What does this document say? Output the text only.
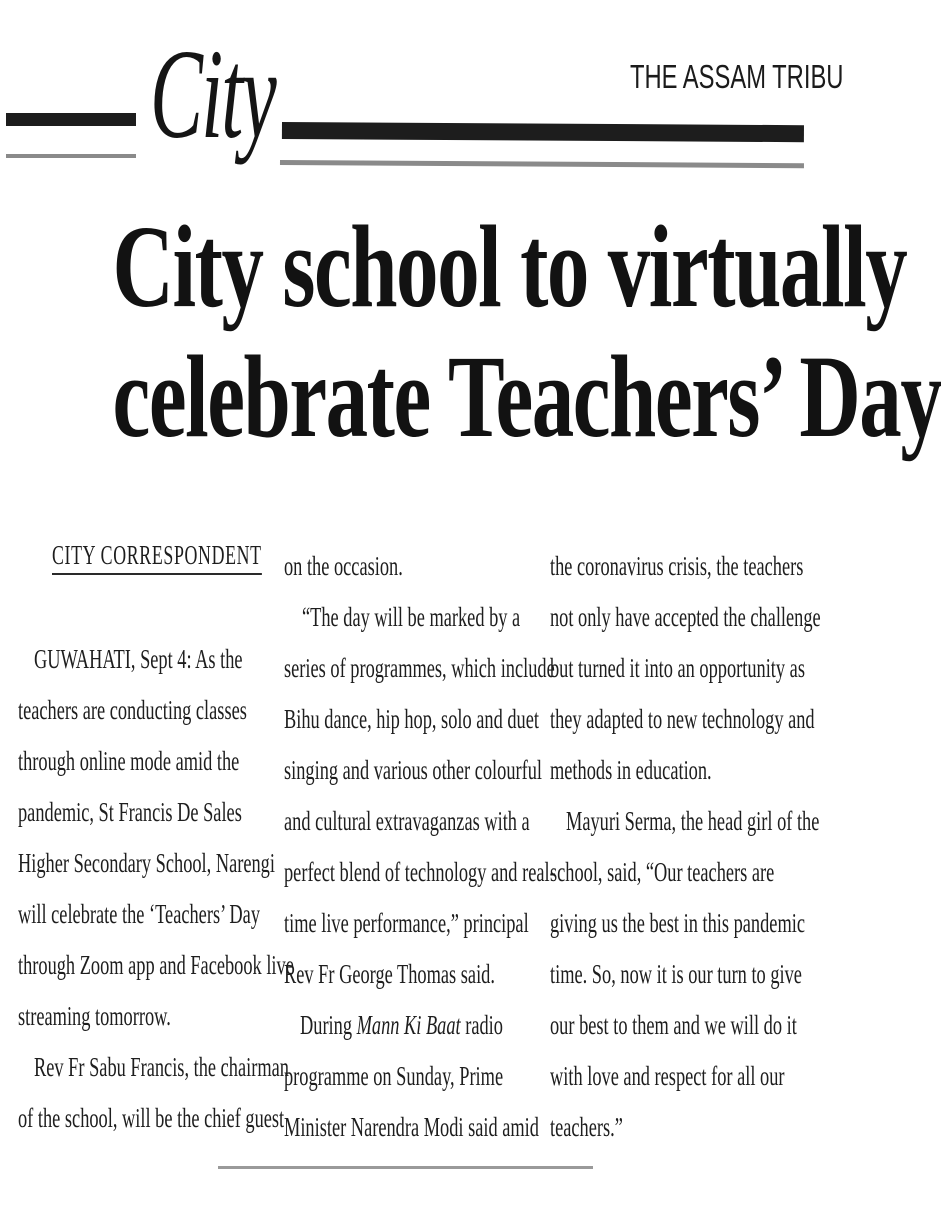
City	THE ASSAM TRIBU
City school to virtually
celebrate Teachers’ Day
CITY CORRESPONDENT
GUWAHATI, Sept 4: As the
teachers are conducting classes
through online mode amid the
pandemic, St Francis De Sales
Higher Secondary School, Narengi
will celebrate the ‘Teachers’ Day
through Zoom app and Facebook live
streaming tomorrow.
Rev Fr Sabu Francis, the chairman
of the school, will be the chief guest
on the occasion.
“The day will be marked by a
series of programmes, which include
Bihu dance, hip hop, solo and duet
singing and various other colourful
and cultural extravaganzas with a
perfect blend of technology and real-
time live performance,” principal
Rev Fr George Thomas said.
During Mann Ki Baat radio
programme on Sunday, Prime
Minister Narendra Modi said amid
the coronavirus crisis, the teachers
not only have accepted the challenge
but turned it into an opportunity as
they adapted to new technology and
methods in education.
Mayuri Serma, the head girl of the
school, said, “Our teachers are
giving us the best in this pandemic
time. So, now it is our turn to give
our best to them and we will do it
with love and respect for all our
teachers.”
